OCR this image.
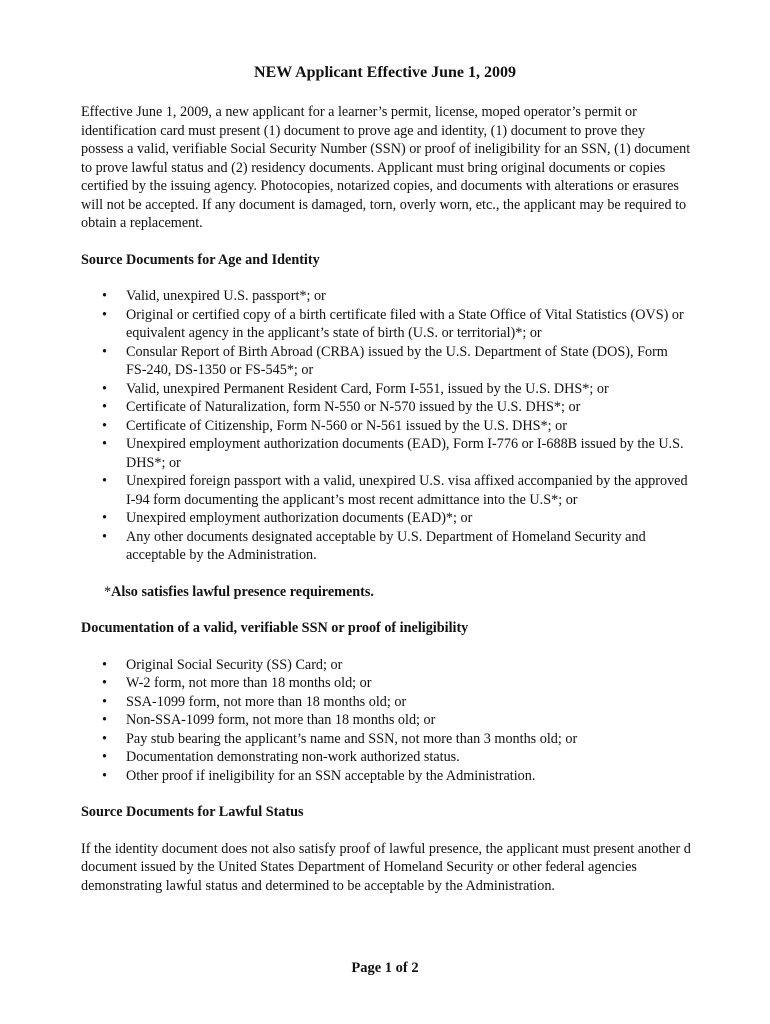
NEW Applicant Effective June 1, 2009

Effective June 1, 2009, a new applicant for a learner’s permit, license, moped operator’s permit or identification card must present (1) document to prove age and identity, (1) document to prove they possess a valid, verifiable Social Security Number (SSN) or proof of ineligibility for an SSN, (1) document to prove lawful status and (2) residency documents. Applicant must bring original documents or copies certified by the issuing agency. Photocopies, notarized copies, and documents with alterations or erasures will not be accepted. If any document is damaged, torn, overly worn, etc., the applicant may be required to obtain a replacement.

Source Documents for Age and Identity

• Valid, unexpired U.S. passport*; or
• Original or certified copy of a birth certificate filed with a State Office of Vital Statistics (OVS) or equivalent agency in the applicant’s state of birth (U.S. or territorial)*; or
• Consular Report of Birth Abroad (CRBA) issued by the U.S. Department of State (DOS), Form FS-240, DS-1350 or FS-545*; or
• Valid, unexpired Permanent Resident Card, Form I-551, issued by the U.S. DHS*; or
• Certificate of Naturalization, form N-550 or N-570 issued by the U.S. DHS*; or
• Certificate of Citizenship, Form N-560 or N-561 issued by the U.S. DHS*; or
• Unexpired employment authorization documents (EAD), Form I-776 or I-688B issued by the U.S. DHS*; or
• Unexpired foreign passport with a valid, unexpired U.S. visa affixed accompanied by the approved I-94 form documenting the applicant’s most recent admittance into the U.S*; or
• Unexpired employment authorization documents (EAD)*; or
• Any other documents designated acceptable by U.S. Department of Homeland Security and acceptable by the Administration.

*Also satisfies lawful presence requirements.

Documentation of a valid, verifiable SSN or proof of ineligibility

• Original Social Security (SS) Card; or
• W-2 form, not more than 18 months old; or
• SSA-1099 form, not more than 18 months old; or
• Non-SSA-1099 form, not more than 18 months old; or
• Pay stub bearing the applicant’s name and SSN, not more than 3 months old; or
• Documentation demonstrating non-work authorized status.
• Other proof if ineligibility for an SSN acceptable by the Administration.

Source Documents for Lawful Status

If the identity document does not also satisfy proof of lawful presence, the applicant must present another d document issued by the United States Department of Homeland Security or other federal agencies demonstrating lawful status and determined to be acceptable by the Administration.

Page 1 of 2
